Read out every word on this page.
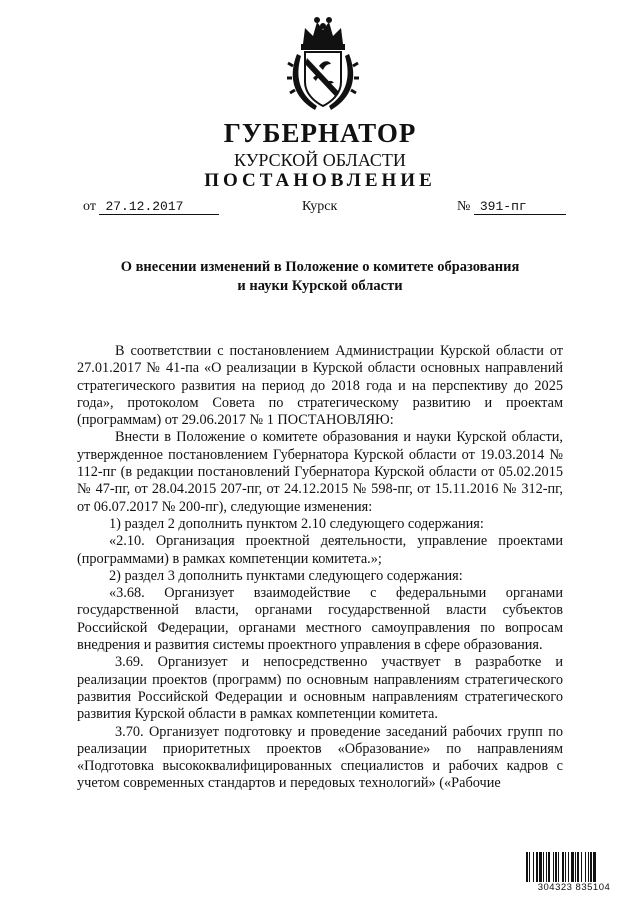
ГУБЕРНАТОР
КУРСКОЙ ОБЛАСТИ
ПОСТАНОВЛЕНИЕ
от 27.12.2017	Курск	№ 391-пг
О внесении изменений в Положение о комитете образования
и науки Курской области

В соответствии с постановлением Администрации Курской области от 27.01.2017 № 41-па «О реализации в Курской области основных направлений стратегического развития на период до 2018 года и на перспективу до 2025 года», протоколом Совета по стратегическому развитию и проектам (программам) от 29.06.2017 № 1 ПОСТАНОВЛЯЮ:

Внести в Положение о комитете образования и науки Курской области, утвержденное постановлением Губернатора Курской области от 19.03.2014 № 112-пг (в редакции постановлений Губернатора Курской области от 05.02.2015 № 47-пг, от 28.04.2015 207-пг, от 24.12.2015 № 598-пг, от 15.11.2016 № 312-пг, от 06.07.2017 № 200-пг), следующие изменения:

1) раздел 2 дополнить пунктом 2.10 следующего содержания:

«2.10. Организация проектной деятельности, управление проектами (программами) в рамках компетенции комитета.»;

2) раздел 3 дополнить пунктами следующего содержания:

«3.68. Организует взаимодействие с федеральными органами государственной власти, органами государственной власти субъектов Российской Федерации, органами местного самоуправления по вопросам внедрения и развития системы проектного управления в сфере образования.

3.69. Организует и непосредственно участвует в разработке и реализации проектов (программ) по основным направлениям стратегического развития Российской Федерации и основным направлениям стратегического развития Курской области в рамках компетенции комитета.

3.70. Организует подготовку и проведение заседаний рабочих групп по реализации приоритетных проектов «Образование» по направлениям «Подготовка высококвалифицированных специалистов и рабочих кадров с учетом современных стандартов и передовых технологий» («Рабочие

304323 835104
